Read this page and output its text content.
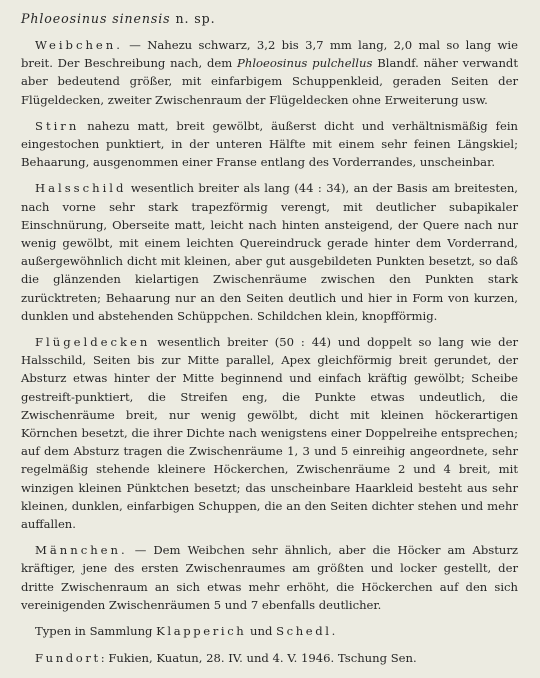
Phloeosinus sinensis n. sp.

Weibchen. — Nahezu schwarz, 3,2 bis 3,7 mm lang, 2,0 mal so lang wie breit. Der Beschreibung nach, dem Phloeosinus pulchellus Blandf. näher verwandt aber bedeutend größer, mit einfarbigem Schuppenkleid, geraden Seiten der Flügeldecken, zweiter Zwischenraum der Flügeldecken ohne Erweiterung usw.

Stirn nahezu matt, breit gewölbt, äußerst dicht und verhältnismäßig fein eingestochen punktiert, in der unteren Hälfte mit einem sehr feinen Längskiel; Behaarung, ausgenommen einer Franse entlang des Vorderrandes, unscheinbar.

Halsschild wesentlich breiter als lang (44 : 34), an der Basis am breitesten, nach vorne sehr stark trapezförmig verengt, mit deutlicher subapikaler Einschnürung, Oberseite matt, leicht nach hinten ansteigend, der Quere nach nur wenig gewölbt, mit einem leichten Quereindruck gerade hinter dem Vorderrand, außergewöhnlich dicht mit kleinen, aber gut ausgebildeten Punkten besetzt, so daß die glänzenden kielartigen Zwischenräume zwischen den Punkten stark zurücktreten; Behaarung nur an den Seiten deutlich und hier in Form von kurzen, dunklen und abstehenden Schüppchen. Schildchen klein, knopfförmig.

Flügeldecken wesentlich breiter (50 : 44) und doppelt so lang wie der Halsschild, Seiten bis zur Mitte parallel, Apex gleichförmig breit gerundet, der Absturz etwas hinter der Mitte beginnend und einfach kräftig gewölbt; Scheibe gestreift-punktiert, die Streifen eng, die Punkte etwas undeutlich, die Zwischenräume breit, nur wenig gewölbt, dicht mit kleinen höckerartigen Körnchen besetzt, die ihrer Dichte nach wenigstens einer Doppelreihe entsprechen; auf dem Absturz tragen die Zwischenräume 1, 3 und 5 einreihig angeordnete, sehr regelmäßig stehende kleinere Höckerchen, Zwischenräume 2 und 4 breit, mit winzigen kleinen Pünktchen besetzt; das unscheinbare Haarkleid besteht aus sehr kleinen, dunklen, einfarbigen Schuppen, die an den Seiten dichter stehen und mehr auffallen.

Männchen. — Dem Weibchen sehr ähnlich, aber die Höcker am Absturz kräftiger, jene des ersten Zwischenraumes am größten und locker gestellt, der dritte Zwischenraum an sich etwas mehr erhöht, die Höckerchen auf den sich vereinigenden Zwischenräumen 5 und 7 ebenfalls deutlicher.

Typen in Sammlung Klapperich und Schedl.

Fundort: Fukien, Kuatun, 28. IV. und 4. V. 1946. Tschung Sen.
